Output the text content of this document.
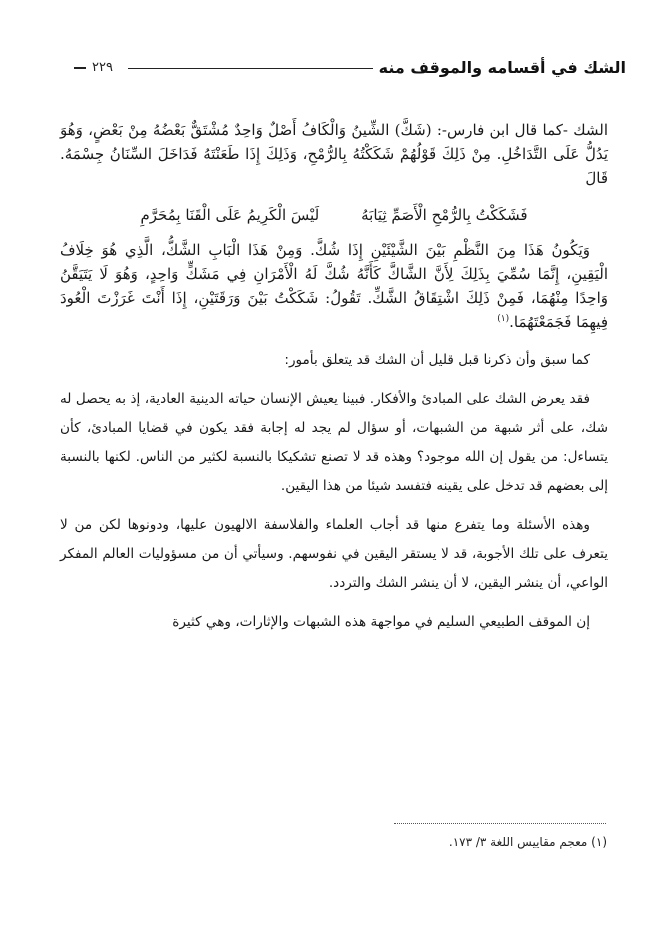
الشك في أقسامه والموقف منه
٢٢٩

الشك -كما قال ابن فارس-: (شَكَّ) الشِّينُ وَالْكَافُ أَصْلٌ وَاحِدٌ مُشْتَقٌّ بَعْضُهُ مِنْ بَعْضٍ، وَهُوَ يَدُلُّ عَلَى التَّدَاخُلِ. مِنْ ذَلِكَ قَوْلُهُمْ شَكَكْتُهُ بِالرُّمْحِ، وَذَلِكَ إِذَا طَعَنْتَهُ فَدَاخَلَ السِّنَانُ جِسْمَهُ. قَالَ

فَشَكَكْتُ بِالرُّمْحِ الْأَصَمِّ ثِيَابَهُ
لَيْسَ الْكَرِيمُ عَلَى الْقَنَا بِمُحَرَّمِ

وَيَكُونُ هَذَا مِنَ النَّظْمِ بَيْنَ الشَّيْئَيْنِ إِذَا شُكَّ. وَمِنْ هَذَا الْبَابِ الشَّكُّ، الَّذِي هُوَ خِلَافُ الْيَقِينِ، إِنَّمَا سُمِّيَ بِذَلِكَ لِأَنَّ الشَّاكَّ كَأَنَّهُ شُكَّ لَهُ الْأَمْرَانِ فِي مَشَكٍّ وَاحِدٍ، وَهُوَ لَا يَتَيَقَّنُ وَاحِدًا مِنْهُمَا، فَمِنْ ذَلِكَ اشْتِقَاقُ الشَّكِّ. تَقُولُ: شَكَكْتُ بَيْنَ وَرَقَتَيْنِ، إِذَا أَنْتَ غَرَزْتَ الْعُودَ فِيهِمَا فَجَمَعْتَهُمَا.$^{(١)}$

كما سبق وأن ذكرنا قبل قليل أن الشك قد يتعلق بأمور:

فقد يعرض الشك على المبادئ والأفكار. فبينا يعيش الإنسان حياته الدينية العادية، إذ به يحصل له شك، على أثر شبهة من الشبهات، أو سؤال لم يجد له إجابة فقد يكون في قضايا المبادئ، كأن يتساءل: من يقول إن الله موجود؟ وهذه قد لا تصنع تشكيكا بالنسبة لكثير من الناس. لكنها بالنسبة إلى بعضهم قد تدخل على يقينه فتفسد شيئا من هذا اليقين.

وهذه الأسئلة وما يتفرع منها قد أجاب العلماء والفلاسفة الالهيون عليها، ودونوها لكن من لا يتعرف على تلك الأجوبة، قد لا يستقر اليقين في نفوسهم. وسيأتي أن من مسؤوليات العالم المفكر الواعي، أن ينشر اليقين، لا أن ينشر الشك والتردد.

إن الموقف الطبيعي السليم في مواجهة هذه الشبهات والإثارات، وهي كثيرة

(١) معجم مقاييس اللغة ٣/ ١٧٣.
